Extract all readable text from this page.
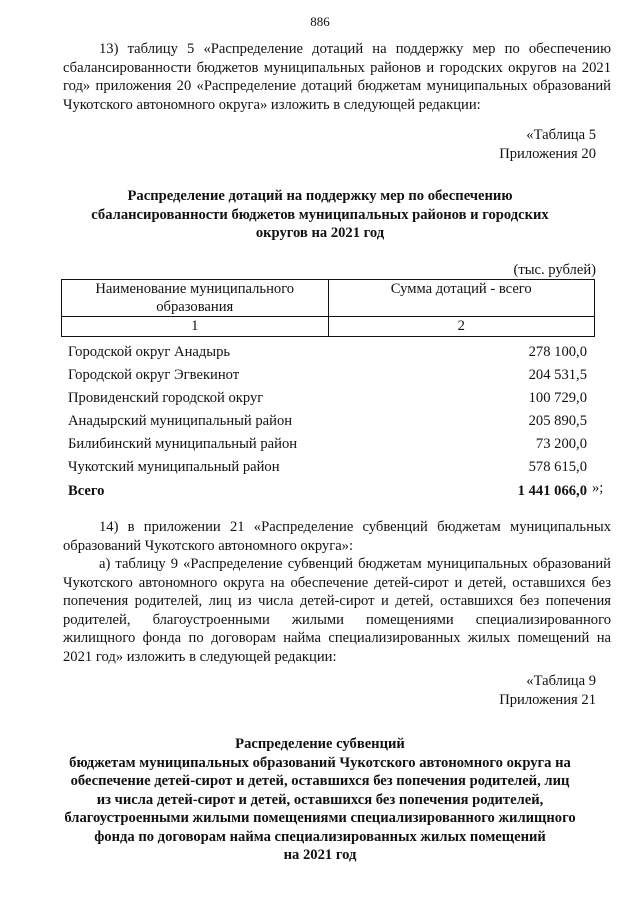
886

13) таблицу 5 «Распределение дотаций на поддержку мер по обеспечению сбалансированности бюджетов муниципальных районов и городских округов на 2021 год» приложения 20 «Распределение дотаций бюджетам муниципальных образований Чукотского автономного округа» изложить в следующей редакции:

«Таблица 5
Приложения 20
Распределение дотаций на поддержку мер по обеспечению
сбалансированности бюджетов муниципальных районов и городских
округов на 2021 год
(тыс. рублей)
Наименование муниципального
образования	Сумма дотаций - всего
1	2
Городской округ Анадырь	278 100,0
Городской округ Эгвекинот	204 531,5
Провиденский городской округ	100 729,0
Анадырский муниципальный район	205 890,5
Билибинский муниципальный район	73 200,0
Чукотский муниципальный район	578 615,0
Всего	1 441 066,0 »;

14) в приложении 21 «Распределение субвенций бюджетам муниципальных образований Чукотского автономного округа»:

а) таблицу 9 «Распределение субвенций бюджетам муниципальных образований Чукотского автономного округа на обеспечение детей-сирот и детей, оставшихся без попечения родителей, лиц из числа детей-сирот и детей, оставшихся без попечения родителей, благоустроенными жилыми помещениями специализированного жилищного фонда по договорам найма специализированных жилых помещений на 2021 год» изложить в следующей редакции:

«Таблица 9
Приложения 21
Распределение субвенций
бюджетам муниципальных образований Чукотского автономного округа на
обеспечение детей-сирот и детей, оставшихся без попечения родителей, лиц
из числа детей-сирот и детей, оставшихся без попечения родителей,
благоустроенными жилыми помещениями специализированного жилищного
фонда по договорам найма специализированных жилых помещений
на 2021 год
